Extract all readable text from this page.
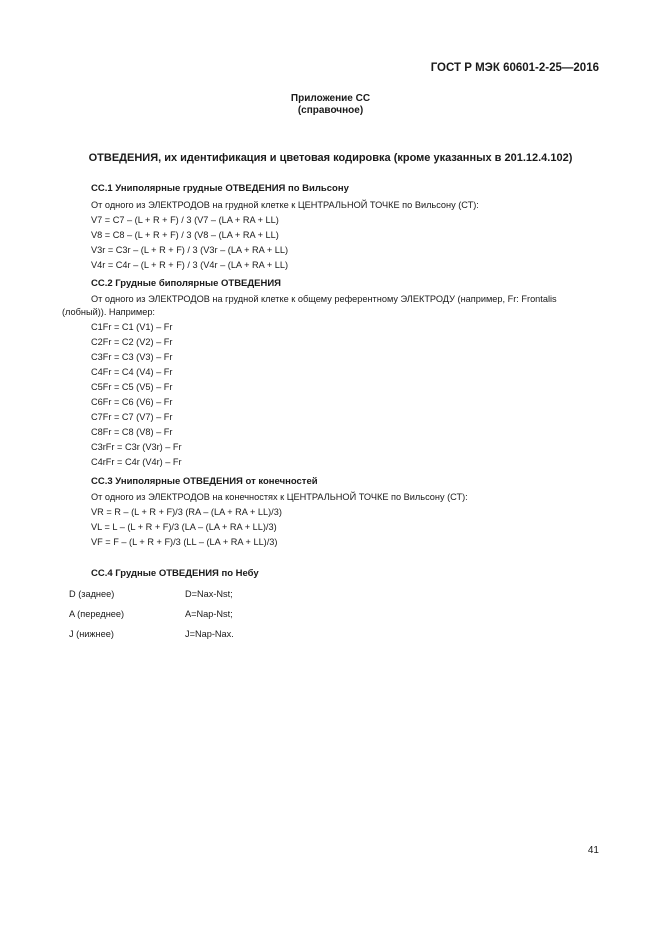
ГОСТ Р МЭК 60601-2-25—2016
Приложение СС
(справочное)
ОТВЕДЕНИЯ, их идентификация и цветовая кодировка (кроме указанных в 201.12.4.102)
СС.1 Униполярные грудные ОТВЕДЕНИЯ по Вильсону
От одного из ЭЛЕКТРОДОВ на грудной клетке к ЦЕНТРАЛЬНОЙ ТОЧКЕ по Вильсону (СТ):
V7 = C7 – (L + R + F) / 3 (V7 – (LA + RA + LL)
V8 = C8 – (L + R + F) / 3 (V8 – (LA + RA + LL)
V3r = C3r – (L + R + F) / 3 (V3r – (LA + RA + LL)
V4r = C4r – (L + R + F) / 3 (V4r – (LA + RA + LL)
СС.2 Грудные биполярные ОТВЕДЕНИЯ
От одного из ЭЛЕКТРОДОВ на грудной клетке к общему референтному ЭЛЕКТРОДУ (например, Fr: Frontalis
(лобный)). Например:
C1Fr = C1 (V1) – Fr
C2Fr = C2 (V2) – Fr
C3Fr = C3 (V3) – Fr
C4Fr = C4 (V4) – Fr
C5Fr = C5 (V5) – Fr
C6Fr = C6 (V6) – Fr
C7Fr = C7 (V7) – Fr
C8Fr = C8 (V8) – Fr
C3rFr = C3r (V3r) – Fr
C4rFr = C4r (V4r) – Fr
СС.3 Униполярные ОТВЕДЕНИЯ от конечностей
От одного из ЭЛЕКТРОДОВ на конечностях к ЦЕНТРАЛЬНОЙ ТОЧКЕ по Вильсону (СТ):
VR = R – (L + R + F)/3 (RA – (LA + RA + LL)/3)
VL = L – (L + R + F)/3 (LA – (LA + RA + LL)/3)
VF = F – (L + R + F)/3 (LL – (LA + RA + LL)/3)
СС.4 Грудные ОТВЕДЕНИЯ по Небу
D (заднее)	D=Nax-Nst;
A (переднее)	A=Nap-Nst;
J (нижнее)	J=Nap-Nax.
41
